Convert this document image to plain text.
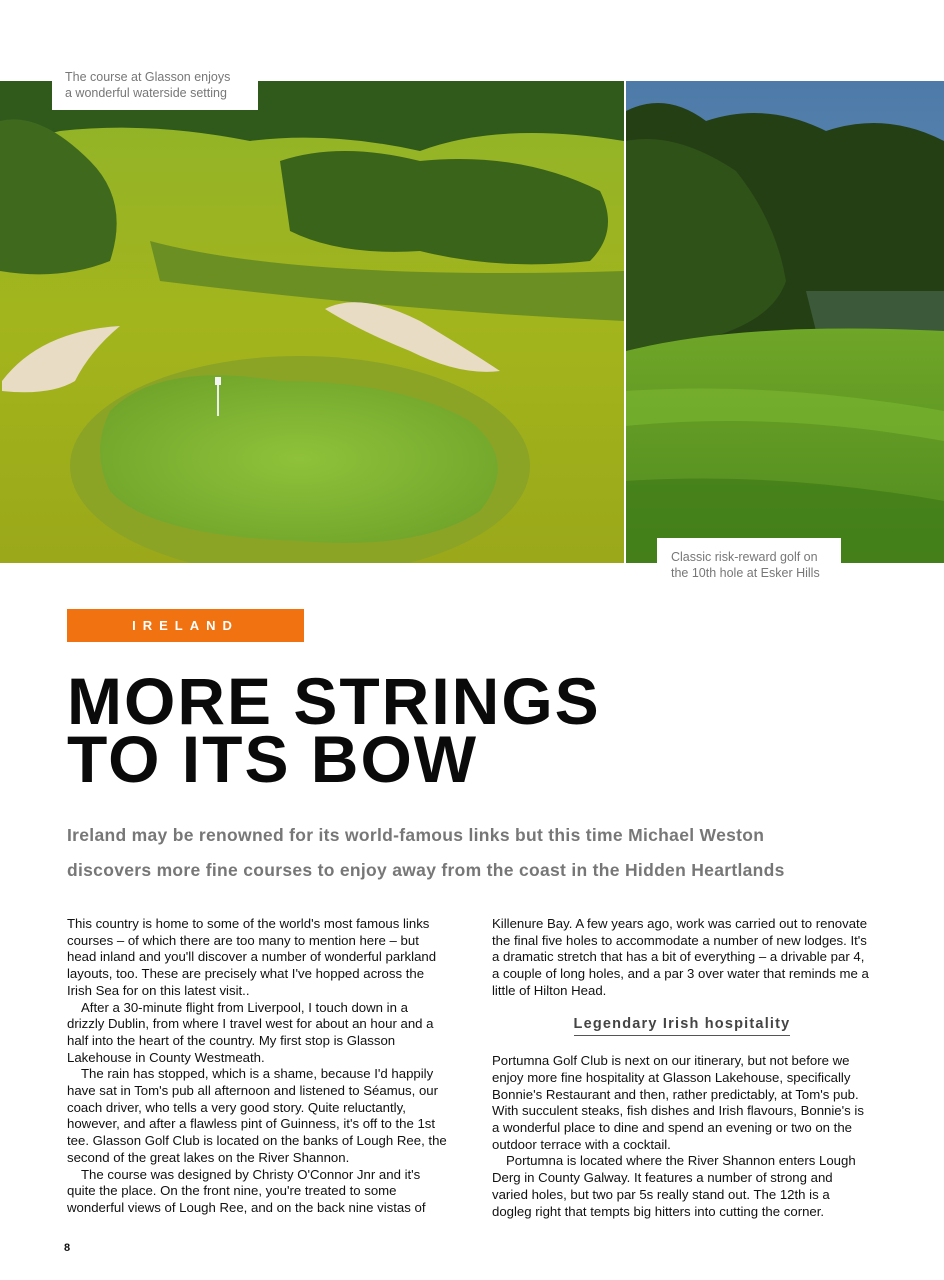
The course at Glasson enjoys
a wonderful waterside setting
Classic risk-reward golf on
the 10th hole at Esker Hills
IRELAND
MORE STRINGS
TO ITS BOW
Ireland may be renowned for its world-famous links but this time Michael Weston
discovers more fine courses to enjoy away from the coast in the Hidden Heartlands

This country is home to some of the world's most famous links courses – of which there are too many to mention here – but head inland and you'll discover a number of wonderful parkland layouts, too. These are precisely what I've hopped across the Irish Sea for on this latest visit..

After a 30-minute flight from Liverpool, I touch down in a drizzly Dublin, from where I travel west for about an hour and a half into the heart of the country. My first stop is Glasson Lakehouse in County Westmeath.

The rain has stopped, which is a shame, because I'd happily have sat in Tom's pub all afternoon and listened to Séamus, our coach driver, who tells a very good story. Quite reluctantly, however, and after a flawless pint of Guinness, it's off to the 1st tee. Glasson Golf Club is located on the banks of Lough Ree, the second of the great lakes on the River Shannon.

The course was designed by Christy O'Connor Jnr and it's quite the place. On the front nine, you're treated to some wonderful views of Lough Ree, and on the back nine vistas of

Killenure Bay. A few years ago, work was carried out to renovate the final five holes to accommodate a number of new lodges. It's a dramatic stretch that has a bit of everything – a drivable par 4, a couple of long holes, and a par 3 over water that reminds me a little of Hilton Head.

Legendary Irish hospitality

Portumna Golf Club is next on our itinerary, but not before we enjoy more fine hospitality at Glasson Lakehouse, specifically Bonnie's Restaurant and then, rather predictably, at Tom's pub. With succulent steaks, fish dishes and Irish flavours, Bonnie's is a wonderful place to dine and spend an evening or two on the outdoor terrace with a cocktail.

Portumna is located where the River Shannon enters Lough Derg in County Galway. It features a number of strong and varied holes, but two par 5s really stand out. The 12th is a dogleg right that tempts big hitters into cutting the corner.

8
